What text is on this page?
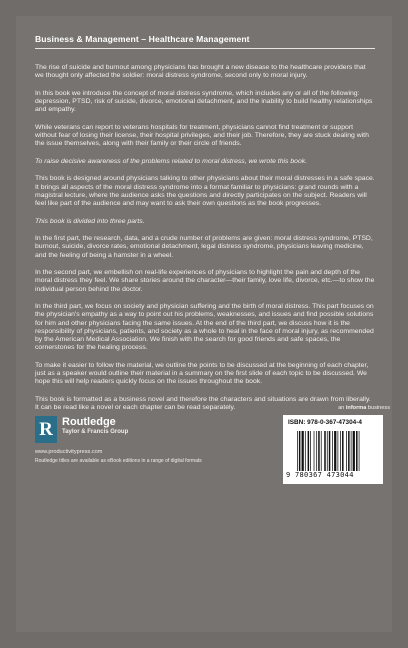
Business & Management – Healthcare Management

The rise of suicide and burnout among physicians has brought a new disease to the healthcare providers that we thought only affected the soldier: moral distress syndrome, second only to moral injury.

In this book we introduce the concept of moral distress syndrome, which includes any or all of the following: depression, PTSD, risk of suicide, divorce, emotional detachment, and the inability to build healthy relationships and empathy.

While veterans can report to veterans hospitals for treatment, physicians cannot find treatment or support without fear of losing their license, their hospital privileges, and their job. Therefore, they are stuck dealing with the issue themselves, along with their family or their circle of friends.

To raise decisive awareness of the problems related to moral distress, we wrote this book.

This book is designed around physicians talking to other physicians about their moral distresses in a safe space. It brings all aspects of the moral distress syndrome into a format familiar to physicians: grand rounds with a magistral lecture, where the audience asks the questions and directly participates on the subject. Readers will feel like part of the audience and may want to ask their own questions as the book progresses.

This book is divided into three parts.

In the first part, the research, data, and a crude number of problems are given: moral distress syndrome, PTSD, burnout, suicide, divorce rates, emotional detachment, legal distress syndrome, physicians leaving medicine, and the feeling of being a hamster in a wheel.

In the second part, we embellish on real-life experiences of physicians to highlight the pain and depth of the moral distress they feel. We share stories around the character—their family, love life, divorce, etc.—to show the individual person behind the doctor.

In the third part, we focus on society and physician suffering and the birth of moral distress. This part focuses on the physician's empathy as a way to point out his problems, weaknesses, and issues and find possible solutions for him and other physicians facing the same issues. At the end of the third part, we discuss how it is the responsibility of physicians, patients, and society as a whole to heal in the face of moral injury, as recommended by the American Medical Association. We finish with the search for good friends and safe spaces, the cornerstones for the healing process.

To make it easier to follow the material, we outline the points to be discussed at the beginning of each chapter, just as a speaker would outline their material in a summary on the first slide of each topic to be discussed. We hope this will help readers quickly focus on the issues throughout the book.

This book is formatted as a business novel and therefore the characters and situations are drawn from liberally. It can be read like a novel or each chapter can be read separately.	an informa business
R Routledge
Taylor & Francis Group
www.productivitypress.com
Routledge titles are available as eBook editions in a range of digital formats
ISBN: 978-0-367-47304-4
9 780367 473044
